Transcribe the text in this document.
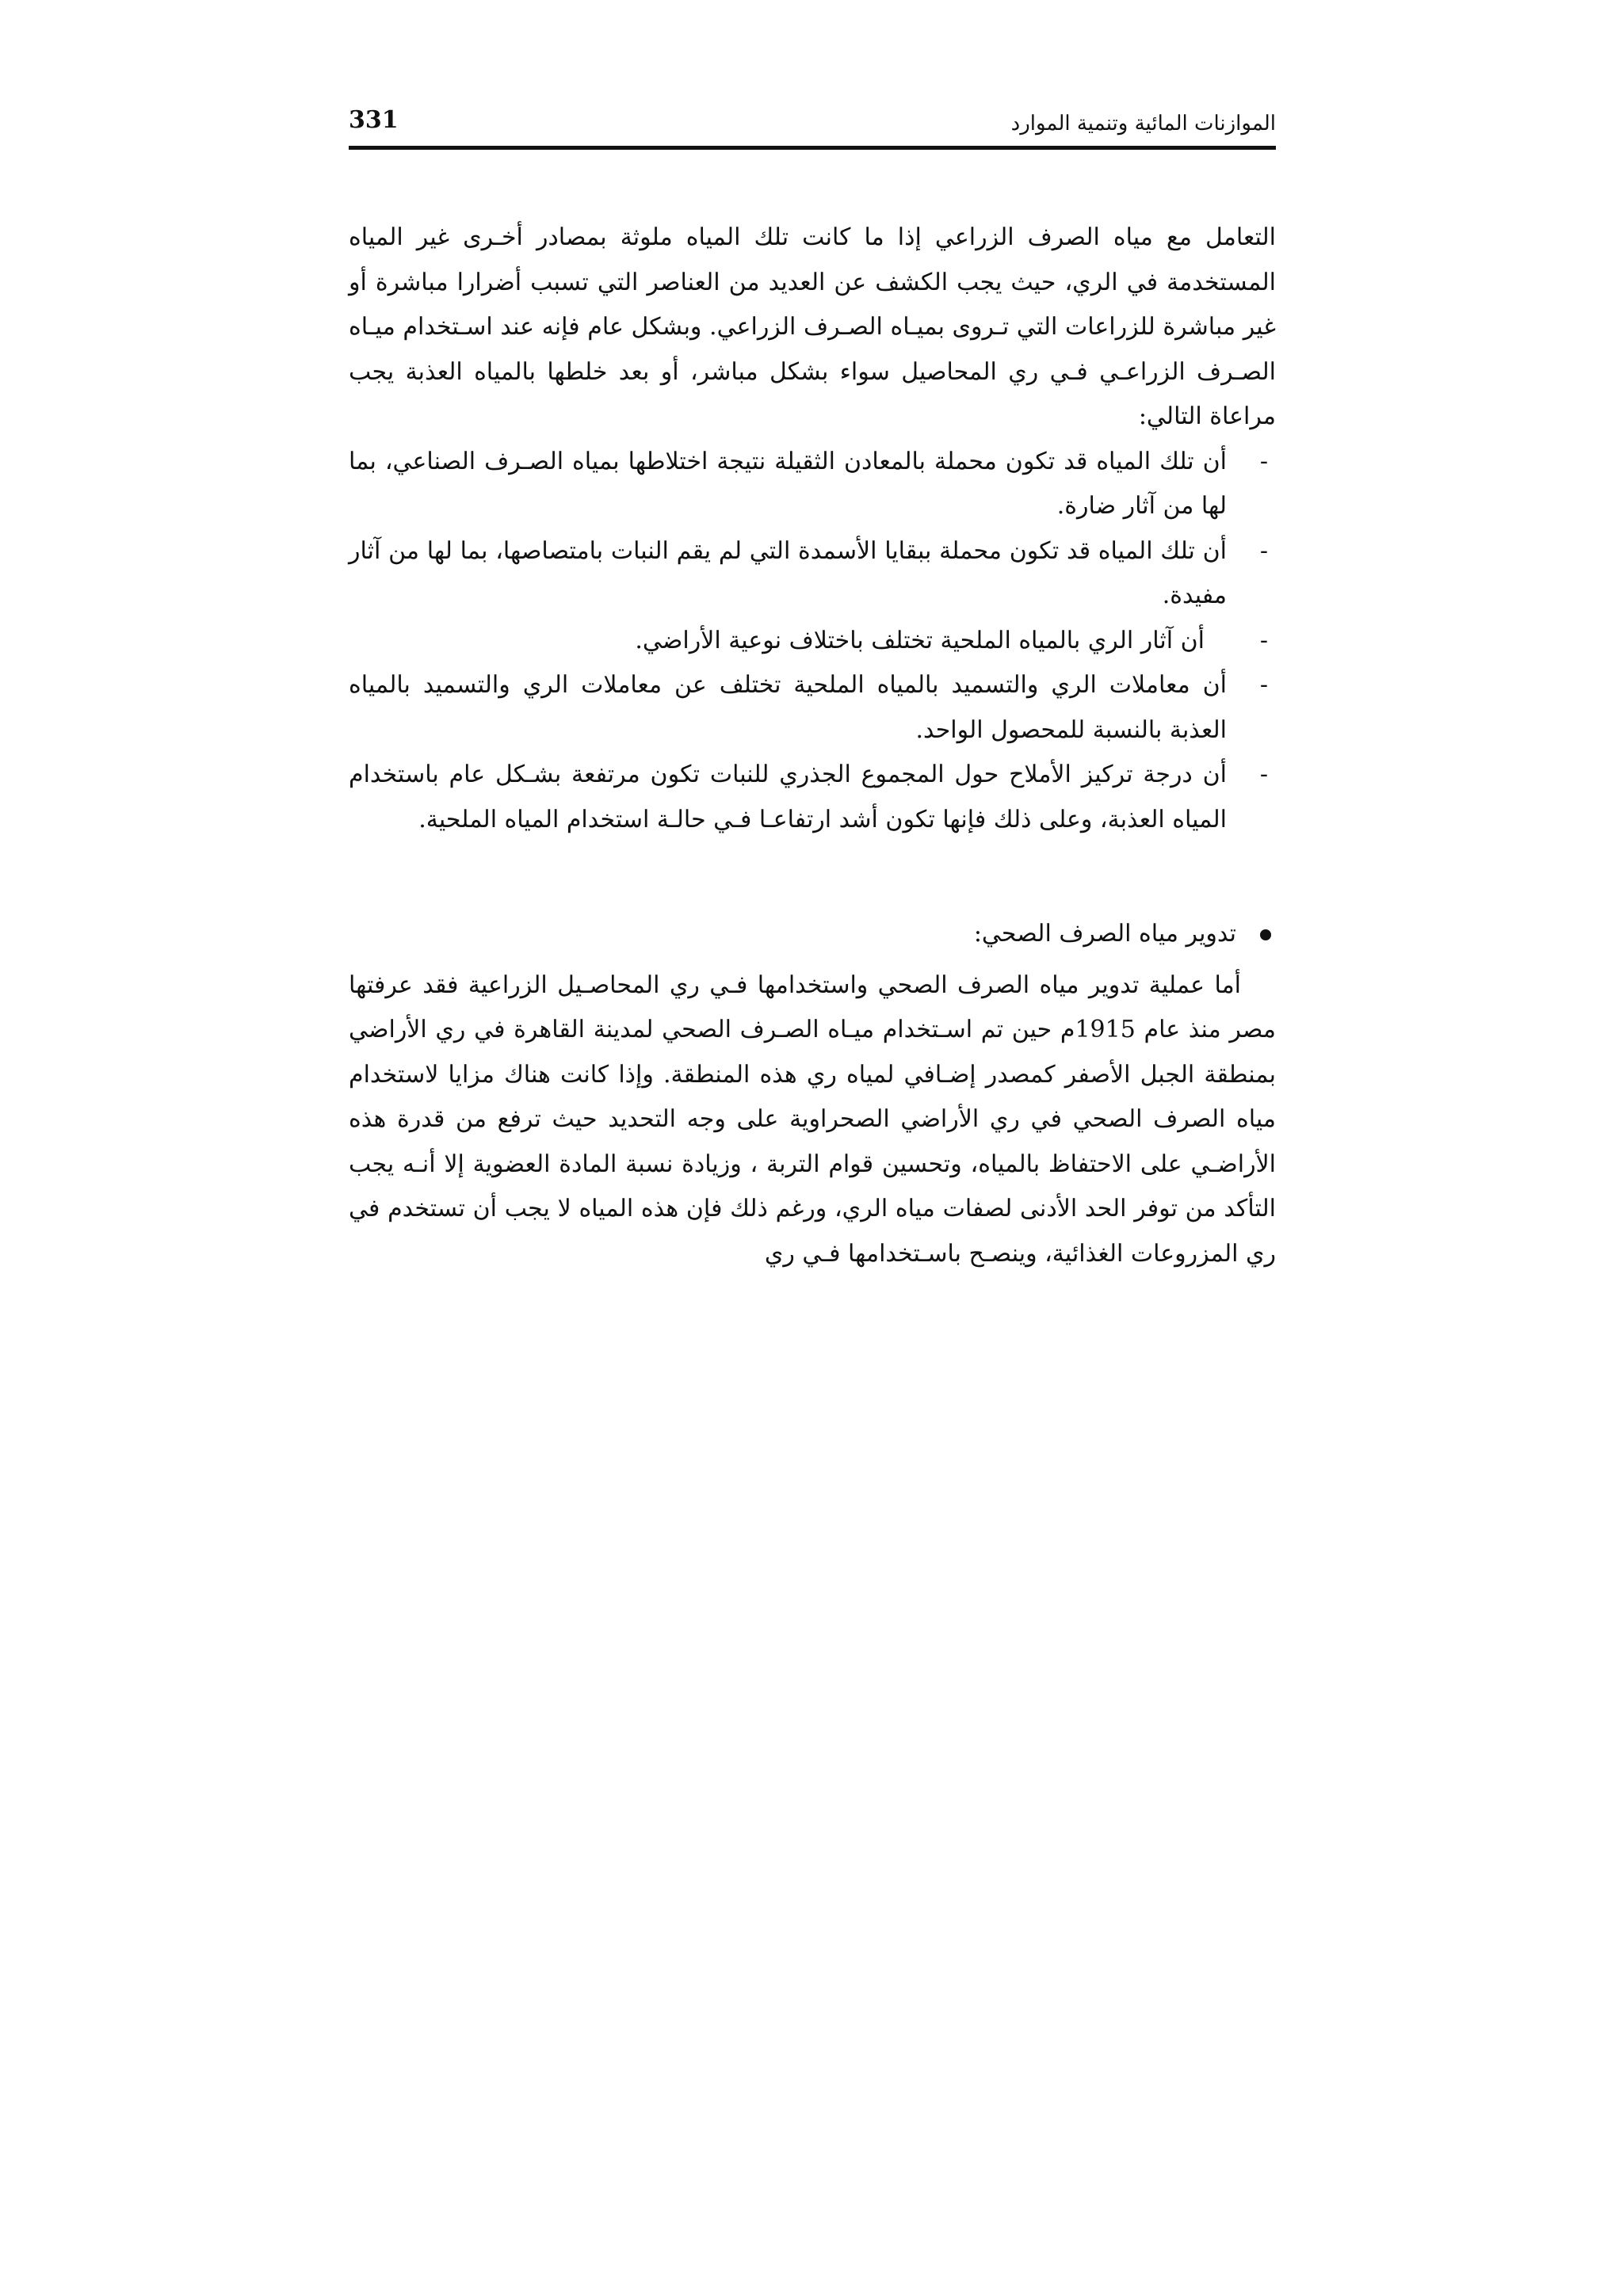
الموازنات المائية وتنمية الموارد
331

التعامل مع مياه الصرف الزراعي إذا ما كانت تلك المياه ملوثة بمصادر أخـرى غير المياه المستخدمة في الري، حيث يجب الكشف عن العديد من العناصر التي تسبب أضرارا مباشرة أو غير مباشرة للزراعات التي تـروى بميـاه الصـرف الزراعي. وبشكل عام فإنه عند اسـتخدام ميـاه الصـرف الزراعـي فـي ري المحاصيل سواء بشكل مباشر، أو بعد خلطها بالمياه العذبة يجب مراعاة التالي:

-
أن تلك المياه قد تكون محملة بالمعادن الثقيلة نتيجة اختلاطها بمياه الصـرف الصناعي، بما لها من آثار ضارة.
-
أن تلك المياه قد تكون محملة ببقايا الأسمدة التي لم يقم النبات بامتصاصها، بما لها من آثار مفيدة.
-
أن آثار الري بالمياه الملحية تختلف باختلاف نوعية الأراضي.
-
أن معاملات الري والتسميد بالمياه الملحية تختلف عن معاملات الري والتسميد بالمياه العذبة بالنسبة للمحصول الواحد.
-
أن درجة تركيز الأملاح حول المجموع الجذري للنبات تكون مرتفعة بشـكل عام باستخدام المياه العذبة، وعلى ذلك فإنها تكون أشد ارتفاعـا فـي حالـة استخدام المياه الملحية.
تدوير مياه الصرف الصحي:

أما عملية تدوير مياه الصرف الصحي واستخدامها فـي ري المحاصـيل الزراعية فقد عرفتها مصر منذ عام 1915م حين تم اسـتخدام ميـاه الصـرف الصحي لمدينة القاهرة في ري الأراضي بمنطقة الجبل الأصفر كمصدر إضـافي لمياه ري هذه المنطقة. وإذا كانت هناك مزايا لاستخدام مياه الصرف الصحي في ري الأراضي الصحراوية على وجه التحديد حيث ترفع من قدرة هذه الأراضـي على الاحتفاظ بالمياه، وتحسين قوام التربة ، وزيادة نسبة المادة العضوية إلا أنـه يجب التأكد من توفر الحد الأدنى لصفات مياه الري، ورغم ذلك فإن هذه المياه لا يجب أن تستخدم في ري المزروعات الغذائية، وينصـح باسـتخدامها فـي ري
